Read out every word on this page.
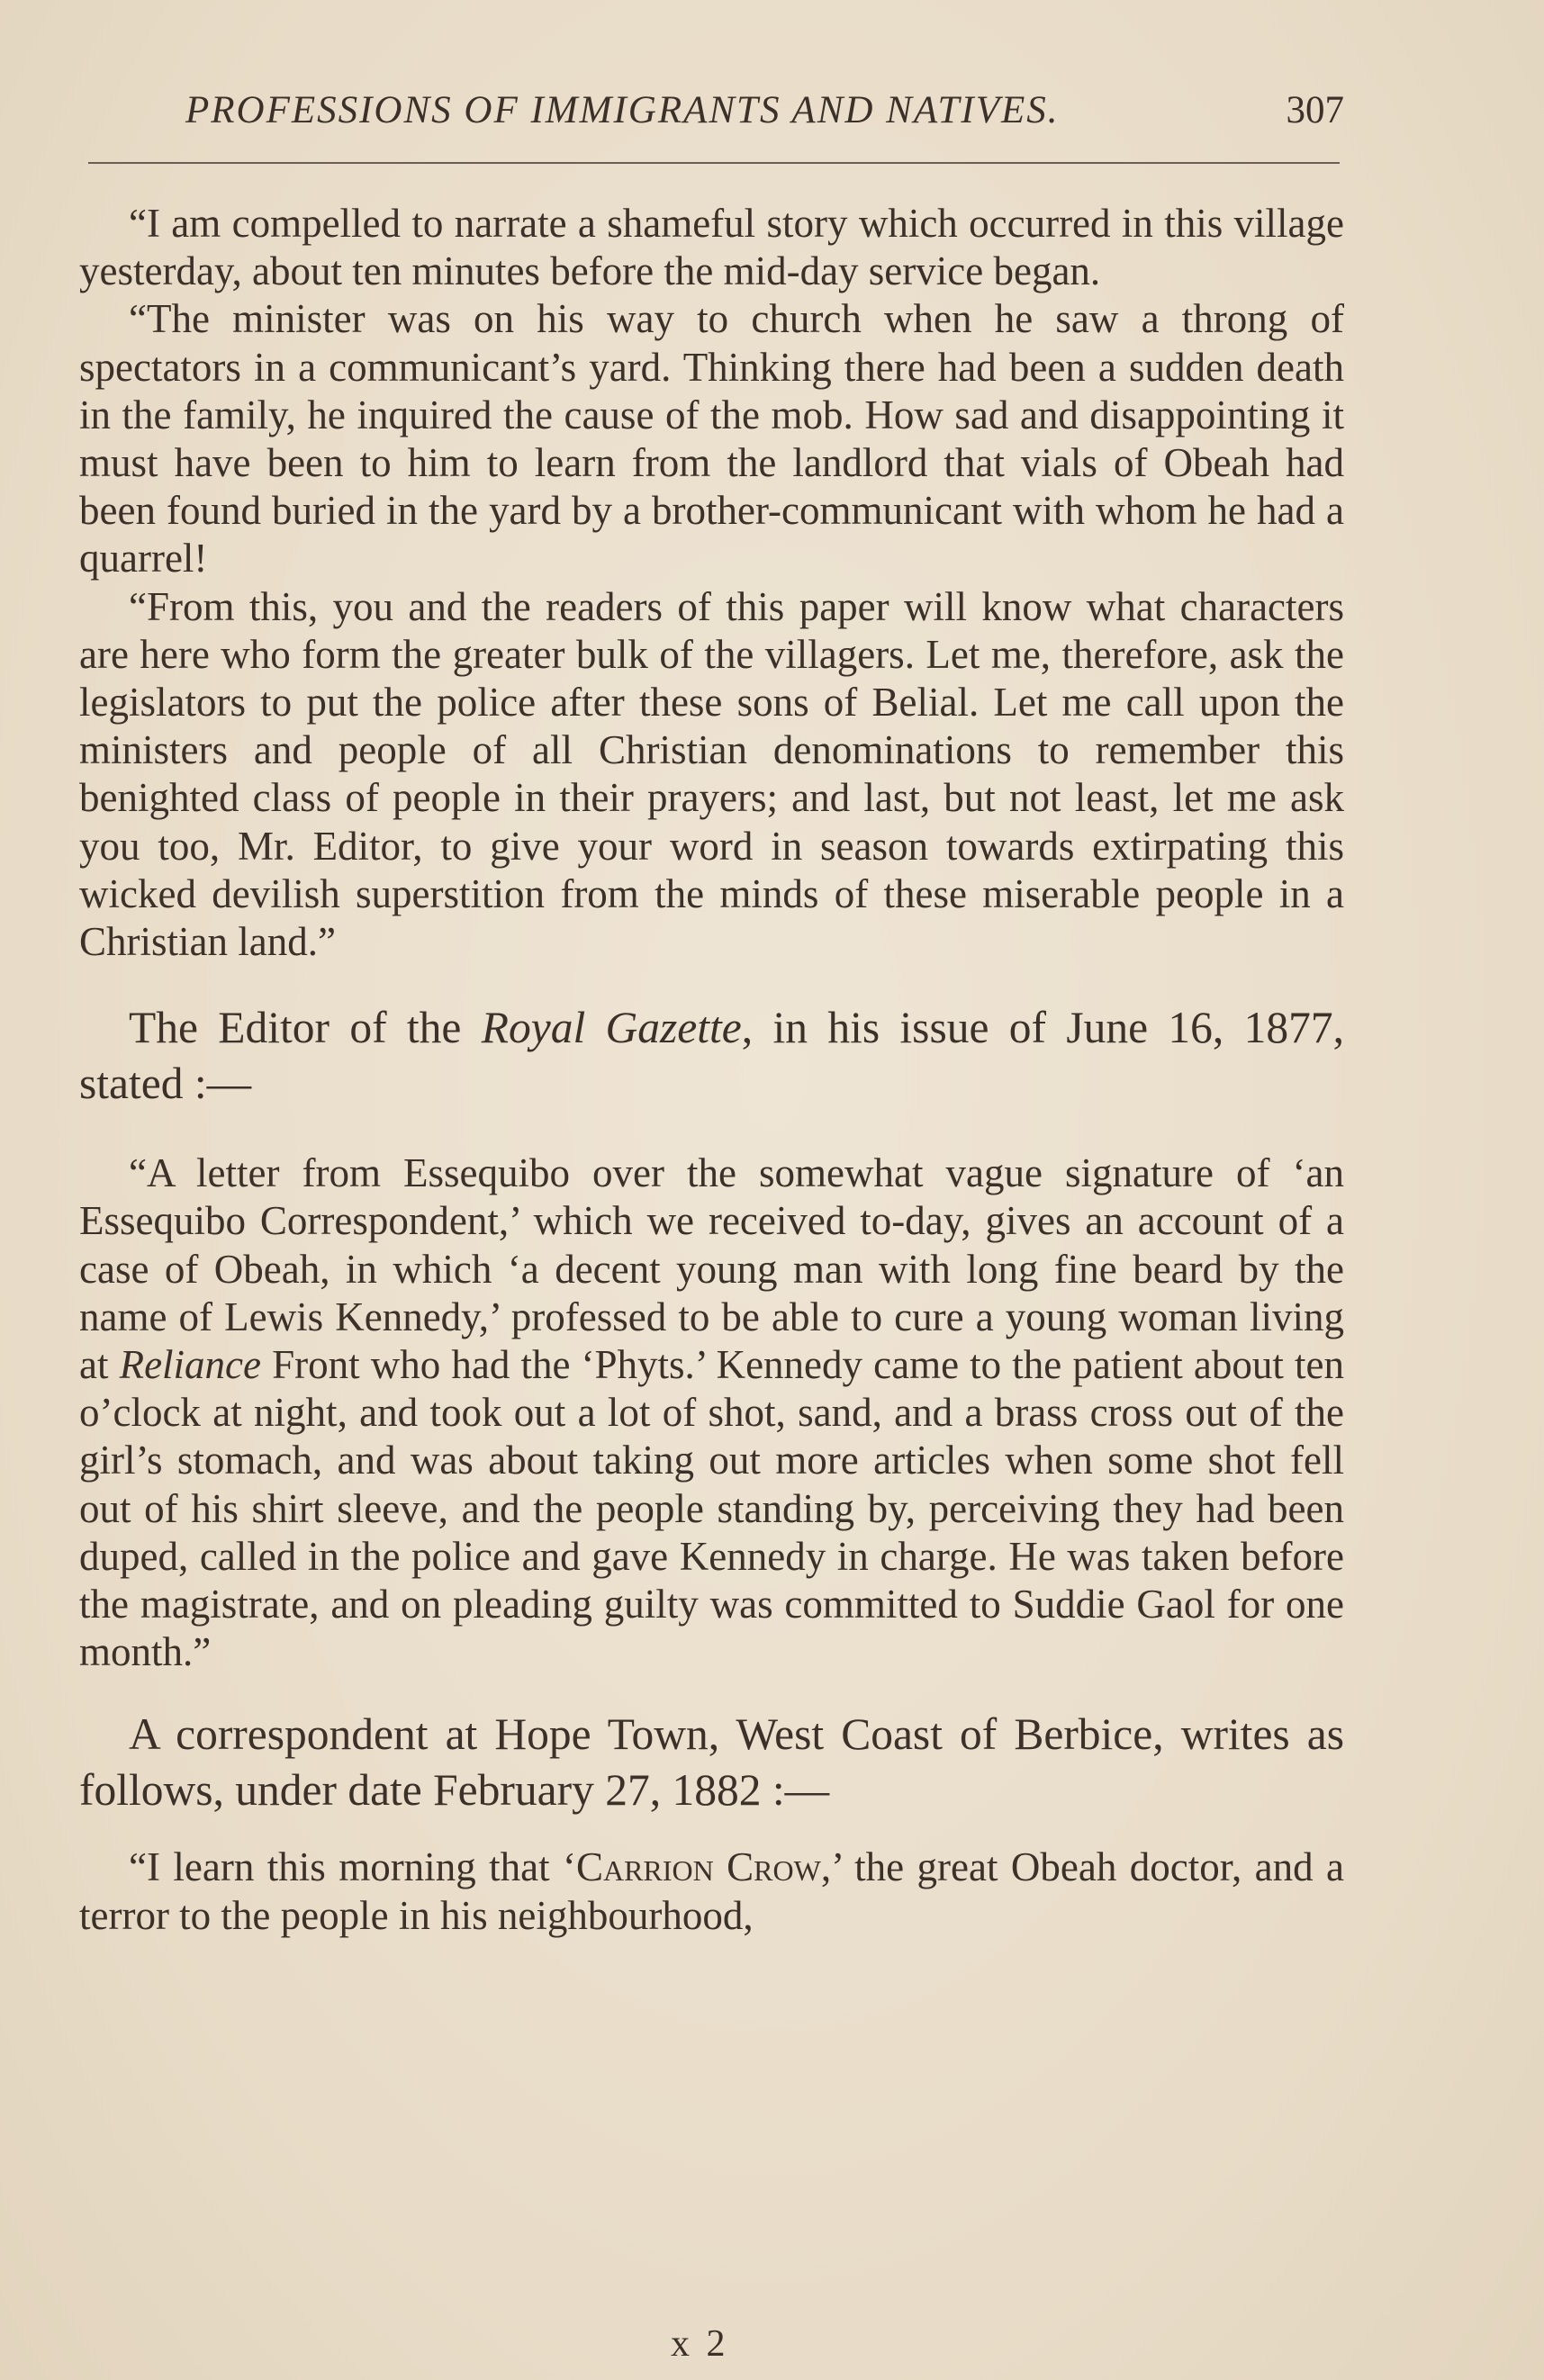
PROFESSIONS OF IMMIGRANTS AND NATIVES.	307

“I am compelled to narrate a shameful story which occurred in this village yesterday, about ten minutes before the mid-day service began.

“The minister was on his way to church when he saw a throng of spectators in a communicant’s yard. Thinking there had been a sudden death in the family, he inquired the cause of the mob. How sad and disappointing it must have been to him to learn from the landlord that vials of Obeah had been found buried in the yard by a brother-communicant with whom he had a quarrel!

“From this, you and the readers of this paper will know what characters are here who form the greater bulk of the villagers. Let me, therefore, ask the legislators to put the police after these sons of Belial. Let me call upon the ministers and people of all Christian denominations to remember this benighted class of people in their prayers; and last, but not least, let me ask you too, Mr. Editor, to give your word in season towards extirpating this wicked devilish superstition from the minds of these miserable people in a Christian land.”

The Editor of the Royal Gazette, in his issue of June 16, 1877, stated :—

“A letter from Essequibo over the somewhat vague signature of ‘an Essequibo Correspondent,’ which we received to-day, gives an account of a case of Obeah, in which ‘a decent young man with long fine beard by the name of Lewis Kennedy,’ professed to be able to cure a young woman living at Reliance Front who had the ‘Phyts.’ Kennedy came to the patient about ten o’clock at night, and took out a lot of shot, sand, and a brass cross out of the girl’s stomach, and was about taking out more articles when some shot fell out of his shirt sleeve, and the people standing by, perceiving they had been duped, called in the police and gave Kennedy in charge. He was taken before the magistrate, and on pleading guilty was committed to Suddie Gaol for one month.”

A correspondent at Hope Town, West Coast of Berbice, writes as follows, under date February 27, 1882 :—

“I learn this morning that ‘Carrion Crow,’ the great Obeah doctor, and a terror to the people in his neighbourhood,

x 2
